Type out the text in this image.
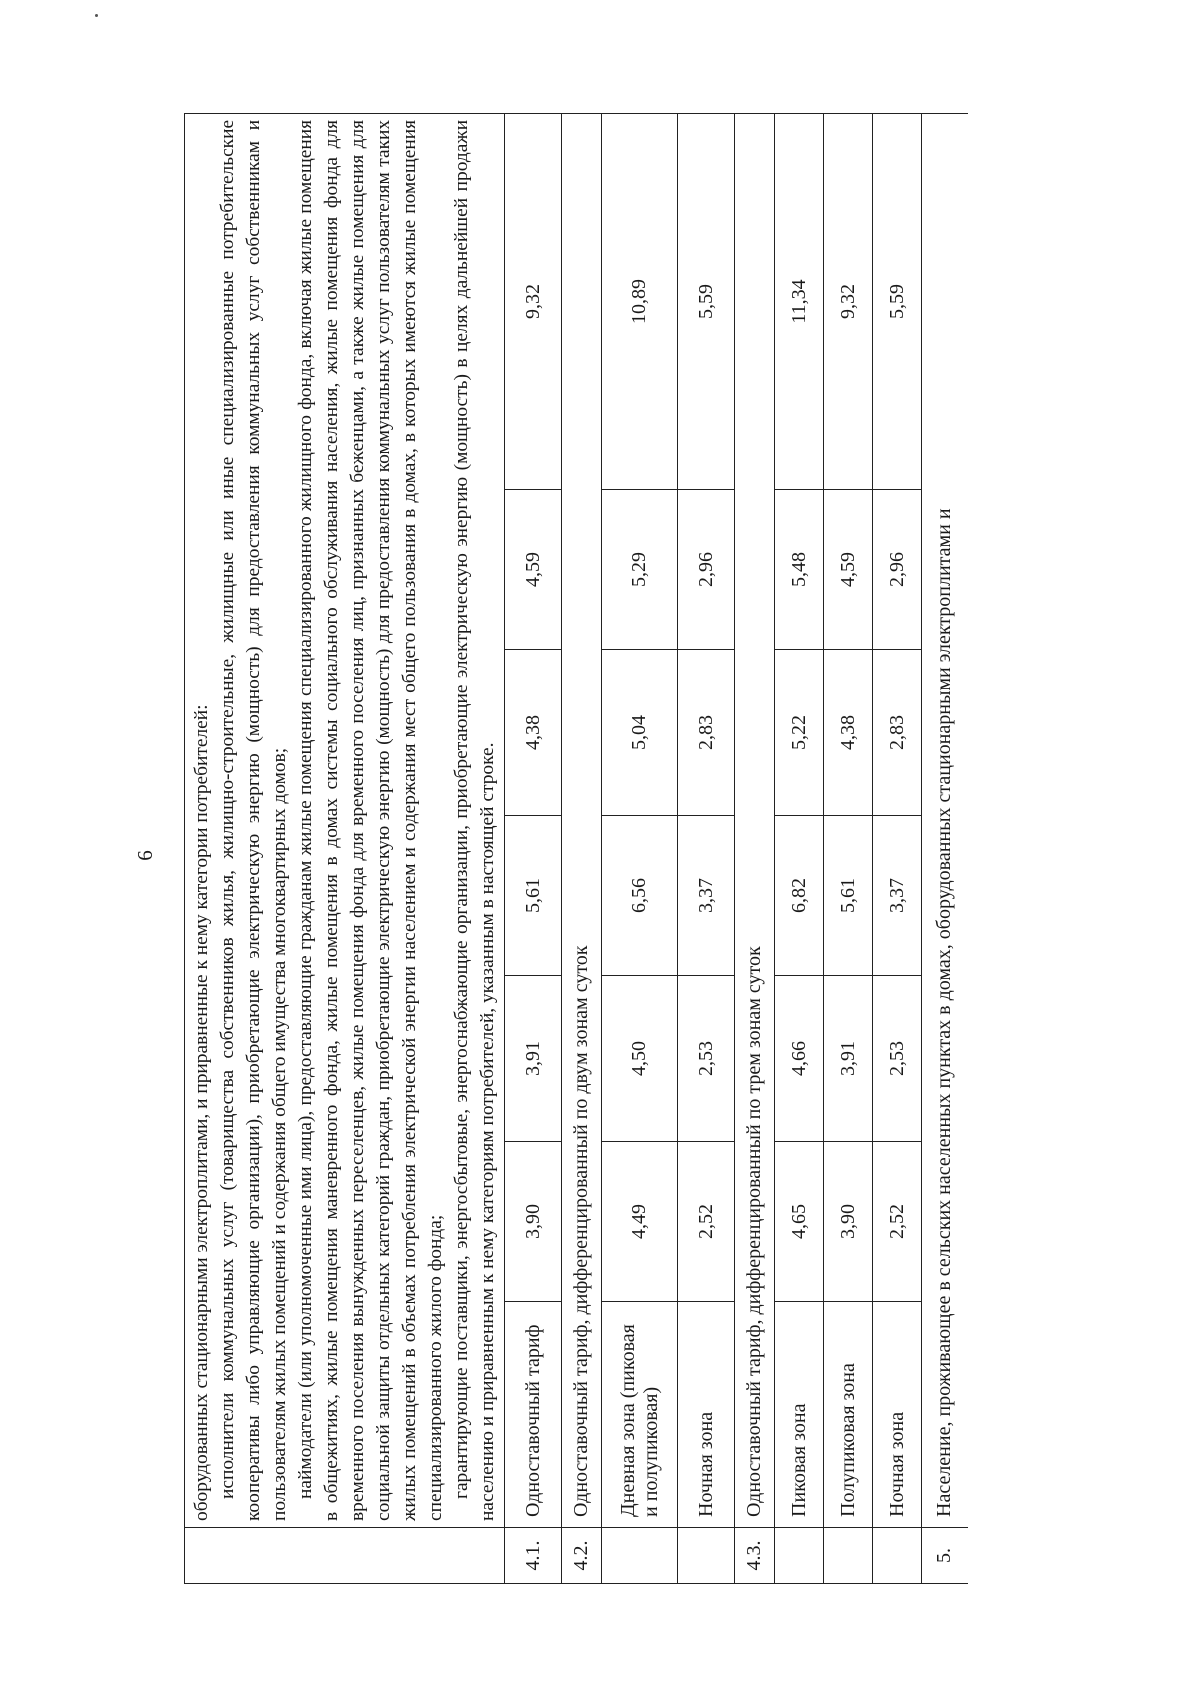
6

	оборудованных стационарными электроплитами, и приравненные к нему категории потребителей: исполнители коммунальных услуг (товарищества собственников жилья, жилищно-строительные, жилищные или иные специализированные потребительские кооперативы либо управляющие организации), приобретающие электрическую энергию (мощность) для предоставления коммунальных услуг собственникам и пользователям жилых помещений и содержания общего имущества многоквартирных домов; наймодатели (или уполномоченные ими лица), предоставляющие гражданам жилые помещения специализированного жилищного фонда, включая жилые помещения в общежитиях, жилые помещения маневренного фонда, жилые помещения в домах системы социального обслуживания населения, жилые помещения фонда для временного поселения вынужденных переселенцев, жилые помещения фонда для временного поселения лиц, признанных беженцами, а также жилые помещения для социальной защиты отдельных категорий граждан, приобретающие электрическую энергию (мощность) для предоставления коммунальных услуг пользователям таких жилых помещений в объемах потребления электрической энергии населением и содержания мест общего пользования в домах, в которых имеются жилые помещения специализированного жилого фонда; гарантирующие поставщики, энергосбытовые, энергоснабжающие организации, приобретающие электрическую энергию (мощность) в целях дальнейшей продажи населению и приравненным к нему категориям потребителей, указанным в настоящей строке.						

4.1.	Одноставочный тариф	3,90	3,91	5,61	4,38	4,59	9,32
4.2.	Одноставочный тариф, дифференцированный по двум зонам суток						
	Дневная зона (пиковая и полупиковая)	4,49	4,50	6,56	5,04	5,29	10,89
	Ночная зона	2,52	2,53	3,37	2,83	2,96	5,59
4.3.	Одноставочный тариф, дифференцированный по трем зонам суток						
	Пиковая зона	4,65	4,66	6,82	5,22	5,48	11,34
	Полупиковая зона	3,90	3,91	5,61	4,38	4,59	9,32
	Ночная зона	2,52	2,53	3,37	2,83	2,96	5,59
5.	Население, проживающее в сельских населенных пунктах в домах, оборудованных стационарными электроплитами и						
